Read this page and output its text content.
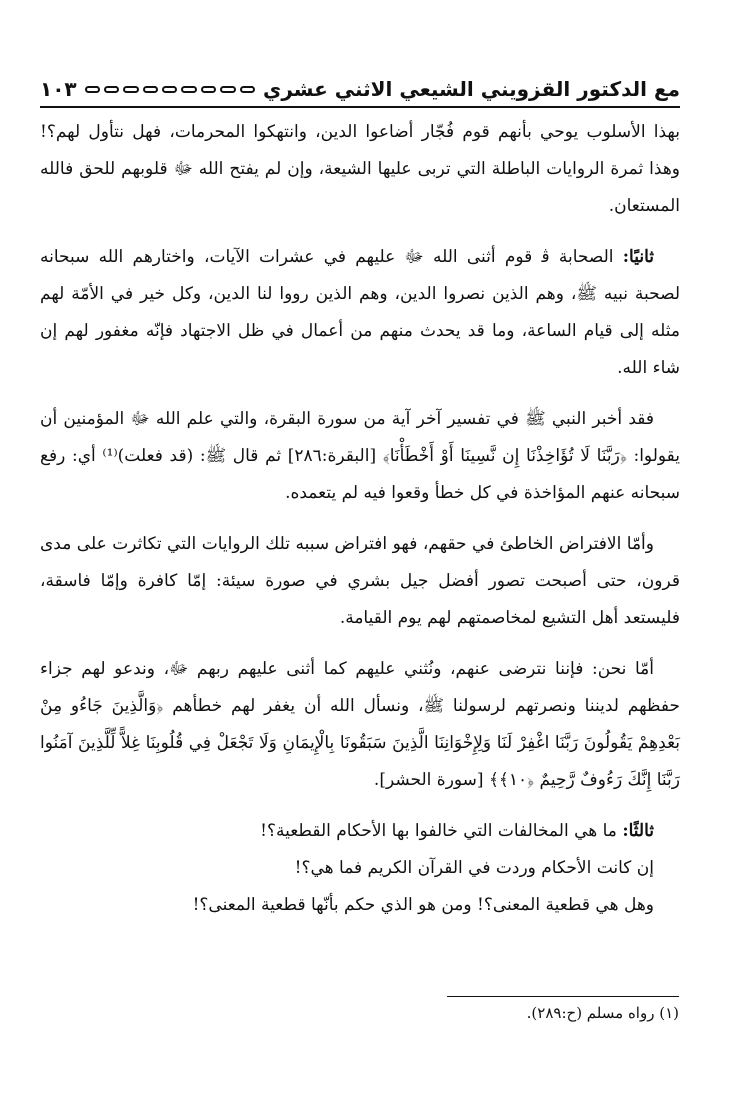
مع الدكتور القزويني الشيعي الاثني عشري
١٠٣

بهذا الأسلوب يوحي بأنهم قوم فُجّار أضاعوا الدين، وانتهكوا المحرمات، فهل نتأول لهم؟! وهذا ثمرة الروايات الباطلة التي تربى عليها الشيعة، وإن لم يفتح الله ﷻ قلوبهم للحق فالله المستعان.

ثانيًا: الصحابة ﭬ قوم أثنى الله ﷻ عليهم في عشرات الآيات، واختارهم الله سبحانه لصحبة نبيه ﷺ، وهم الذين نصروا الدين، وهم الذين رووا لنا الدين، وكل خير في الأمّة لهم مثله إلى قيام الساعة، وما قد يحدث منهم من أعمال في ظل الاجتهاد فإنّه مغفور لهم إن شاء الله.

فقد أخبر النبي ﷺ في تفسير آخر آية من سورة البقرة، والتي علم الله ﷻ المؤمنين أن يقولوا: ﴿رَبَّنَا لَا تُؤَاخِذْنَا إِن نَّسِينَا أَوْ أَخْطَأْنَا﴾ [البقرة:٢٨٦] ثم قال ﷺ: (قد فعلت)⁽¹⁾ أي: رفع سبحانه عنهم المؤاخذة في كل خطأ وقعوا فيه لم يتعمده.

وأمّا الافتراض الخاطئ في حقهم، فهو افتراض سببه تلك الروايات التي تكاثرت على مدى قرون، حتى أصبحت تصور أفضل جيل بشري في صورة سيئة: إمّا كافرة وإمّا فاسقة، فليستعد أهل التشيع لمخاصمتهم لهم يوم القيامة.

أمّا نحن: فإننا نترضى عنهم، ونُثني عليهم كما أثنى عليهم ربهم ﷻ، وندعو لهم جزاء حفظهم لديننا ونصرتهم لرسولنا ﷺ، ونسأل الله أن يغفر لهم خطأهم ﴿وَالَّذِينَ جَاءُو مِنْ بَعْدِهِمْ يَقُولُونَ رَبَّنَا اغْفِرْ لَنَا وَلِإِخْوَانِنَا الَّذِينَ سَبَقُونَا بِالْإِيمَانِ وَلَا تَجْعَلْ فِي قُلُوبِنَا غِلاًّ لِّلَّذِينَ آمَنُوا رَبَّنَا إِنَّكَ رَءُوفٌ رَّحِيمٌ ﴿١٠﴾﴾ [سورة الحشر].

ثالثًا: ما هي المخالفات التي خالفوا بها الأحكام القطعية؟!

إن كانت الأحكام وردت في القرآن الكريم فما هي؟!

وهل هي قطعية المعنى؟! ومن هو الذي حكم بأنّها قطعية المعنى؟!

(١) رواه مسلم (ح:٢٨٩).
